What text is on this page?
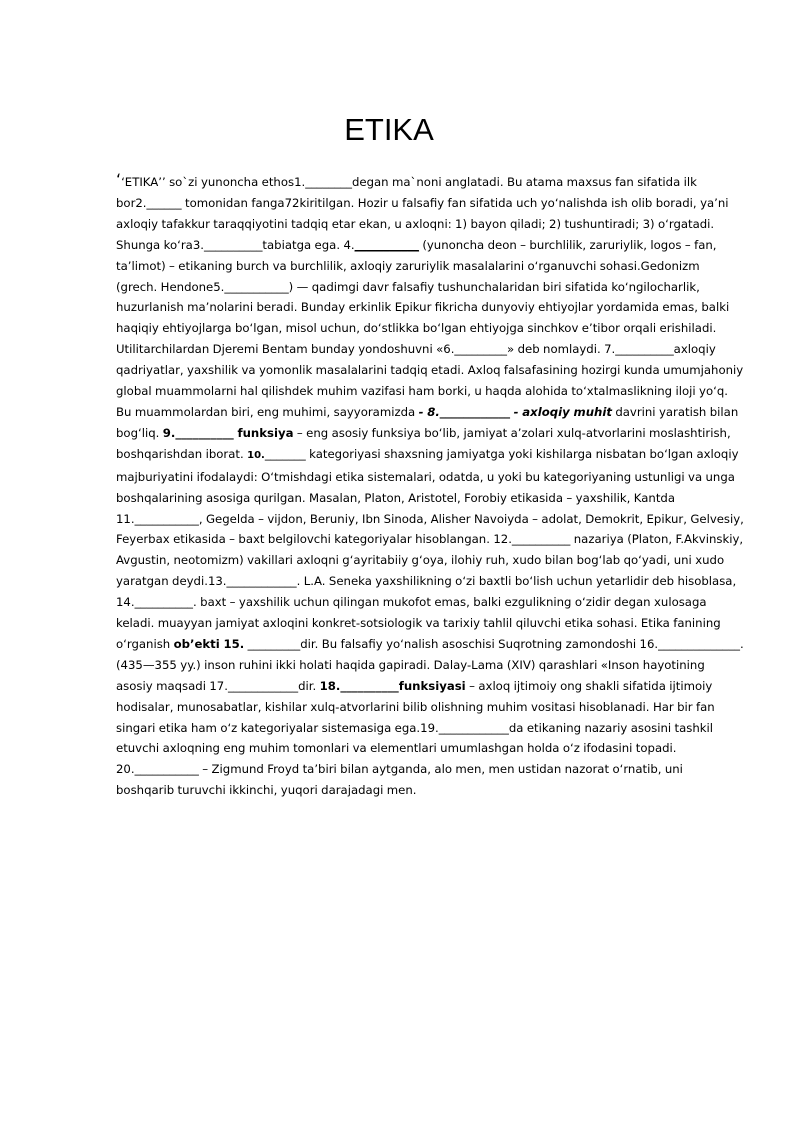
ETIKA

‘‘ETIKA’’ so`zi yunoncha ethos1.________degan ma`noni anglatadi. Bu atama maxsus fan sifatida ilk bor2.______ tomonidan fanga72kiritilgan. Hozir u falsafiy fan sifatida uch yo‘nalishda ish olib boradi, ya’ni axloqiy tafakkur taraqqiyotini tadqiq etar ekan, u axloqni: 1) bayon qiladi; 2) tushuntiradi; 3) o‘rgatadi. Shunga ko‘ra3.__________tabiatga ega. 4.___________ (yunoncha deon – burchlilik, zaruriylik, logos – fan, ta’limot) – etikaning burch va burchlilik, axloqiy zaruriylik masalalarini o‘rganuvchi sohasi.Gedonizm (grech. Hendone5.___________) — qadimgi davr falsafiy tushunchalaridan biri sifatida ko‘ngilocharlik, huzurlanish ma’nolarini beradi. Bunday erkinlik Epikur fikricha dunyoviy ehtiyojlar yordamida emas, balki haqiqiy ehtiyojlarga bo‘lgan, misol uchun, do‘stlikka bo‘lgan ehtiyojga sinchkov e’tibor orqali erishiladi. Utilitarchilardan Djeremi Bentam bunday yondoshuvni «6._________» deb nomlaydi. 7.__________axloqiy qadriyatlar, yaxshilik va yomonlik masalalarini tadqiq etadi. Axloq falsafasining hozirgi kunda umumjahoniy global muammolarni hal qilishdek muhim vazifasi ham borki, u haqda alohida to‘xtalmaslikning iloji yo‘q. Bu muammolardan biri, eng muhimi, sayyoramizda - 8.____________ - axloqiy muhit davrini yaratish bilan bog‘liq. 9.__________ funksiya – eng asosiy funksiya bo‘lib, jamiyat a’zolari xulq-atvorlarini moslashtirish, boshqarishdan iborat. 10._______ kategoriyasi shaxsning jamiyatga yoki kishilarga nisbatan bo‘lgan axloqiy majburiyatini ifodalaydi: O‘tmishdagi etika sistemalari, odatda, u yoki bu kategoriyaning ustunligi va unga boshqalarining asosiga qurilgan. Masalan, Platon, Aristotel, Forobiy etikasida – yaxshilik, Kantda 11.___________, Gegelda – vijdon, Beruniy, Ibn Sinoda, Alisher Navoiyda – adolat, Demokrit, Epikur, Gelvesiy, Feyerbax etikasida – baxt belgilovchi kategoriyalar hisoblangan. 12.__________ nazariya (Platon, F.Akvinskiy, Avgustin, neotomizm) vakillari axloqni g‘ayritabiiy g‘oya, ilohiy ruh, xudo bilan bog‘lab qo‘yadi, uni xudo yaratgan deydi.13.____________. L.A. Seneka yaxshilikning o‘zi baxtli bo‘lish uchun yetarlidir deb hisoblasa, 14.__________. baxt – yaxshilik uchun qilingan mukofot emas, balki ezgulikning o‘zidir degan xulosaga keladi. muayyan jamiyat axloqini konkret-sotsiologik va tarixiy tahlil qiluvchi etika sohasi. Etika fanining o‘rganish ob’ekti 15. _________dir. Bu falsafiy yo‘nalish asoschisi Suqrotning zamondoshi 16.______________.(435—355 yy.) inson ruhini ikki holati haqida gapiradi. Dalay-Lama (XIV) qarashlari «Inson hayotining asosiy maqsadi 17.____________dir. 18.__________funksiyasi – axloq ijtimoiy ong shakli sifatida ijtimoiy hodisalar, munosabatlar, kishilar xulq-atvorlarini bilib olishning muhim vositasi hisoblanadi. Har bir fan singari etika ham o‘z kategoriyalar sistemasiga ega.19.____________da etikaning nazariy asosini tashkil etuvchi axloqning eng muhim tomonlari va elementlari umumlashgan holda o‘z ifodasini topadi. 20.___________ – Zigmund Froyd ta’biri bilan aytganda, alo men, men ustidan nazorat o‘rnatib, uni boshqarib turuvchi ikkinchi, yuqori darajadagi men.
